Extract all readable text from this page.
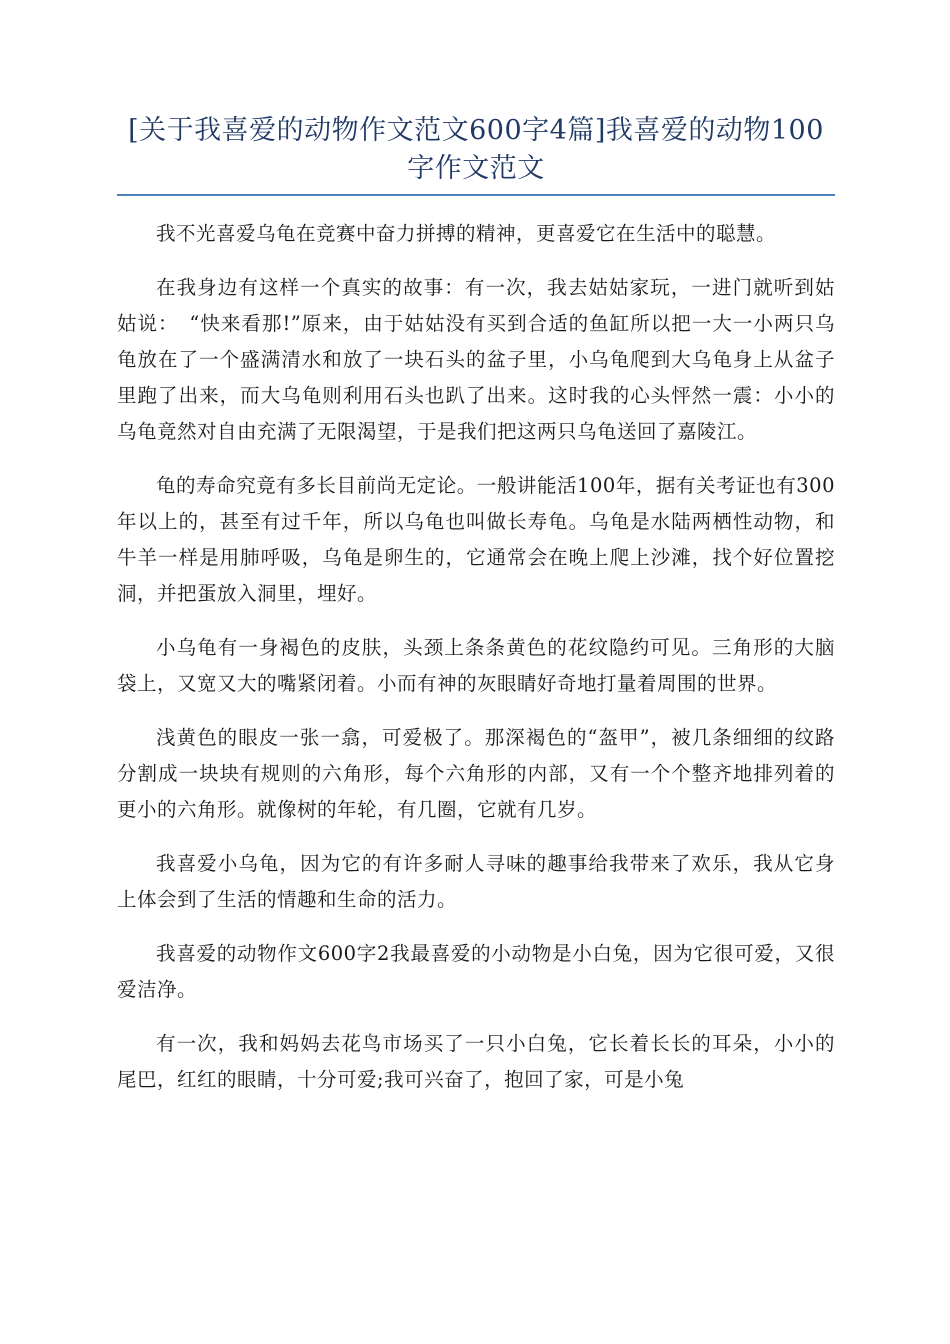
[关于我喜爱的动物作文范文600字4篇]我喜爱的动物100字作文范文

我不光喜爱乌龟在竞赛中奋力拼搏的精神，更喜爱它在生活中的聪慧。

在我身边有这样一个真实的故事：有一次，我去姑姑家玩，一进门就听到姑姑说：　“快来看那!”原来，由于姑姑没有买到合适的鱼缸所以把一大一小两只乌龟放在了一个盛满清水和放了一块石头的盆子里，小乌龟爬到大乌龟身上从盆子里跑了出来，而大乌龟则利用石头也趴了出来。这时我的心头怦然一震：小小的乌龟竟然对自由充满了无限渴望，于是我们把这两只乌龟送回了嘉陵江。

龟的寿命究竟有多长目前尚无定论。一般讲能活100年，据有关考证也有300年以上的，甚至有过千年，所以乌龟也叫做长寿龟。乌龟是水陆两栖性动物，和牛羊一样是用肺呼吸，乌龟是卵生的，它通常会在晚上爬上沙滩，找个好位置挖洞，并把蛋放入洞里，埋好。

小乌龟有一身褐色的皮肤，头颈上条条黄色的花纹隐约可见。三角形的大脑袋上，又宽又大的嘴紧闭着。小而有神的灰眼睛好奇地打量着周围的世界。

浅黄色的眼皮一张一翕，可爱极了。那深褐色的“盔甲”，被几条细细的纹路分割成一块块有规则的六角形，每个六角形的内部，又有一个个整齐地排列着的更小的六角形。就像树的年轮，有几圈，它就有几岁。

我喜爱小乌龟，因为它的有许多耐人寻味的趣事给我带来了欢乐，我从它身上体会到了生活的情趣和生命的活力。

我喜爱的动物作文600字2我最喜爱的小动物是小白兔，因为它很可爱，又很爱洁净。

有一次，我和妈妈去花鸟市场买了一只小白兔，它长着长长的耳朵，小小的尾巴，红红的眼睛，十分可爱;我可兴奋了，抱回了家，可是小兔
